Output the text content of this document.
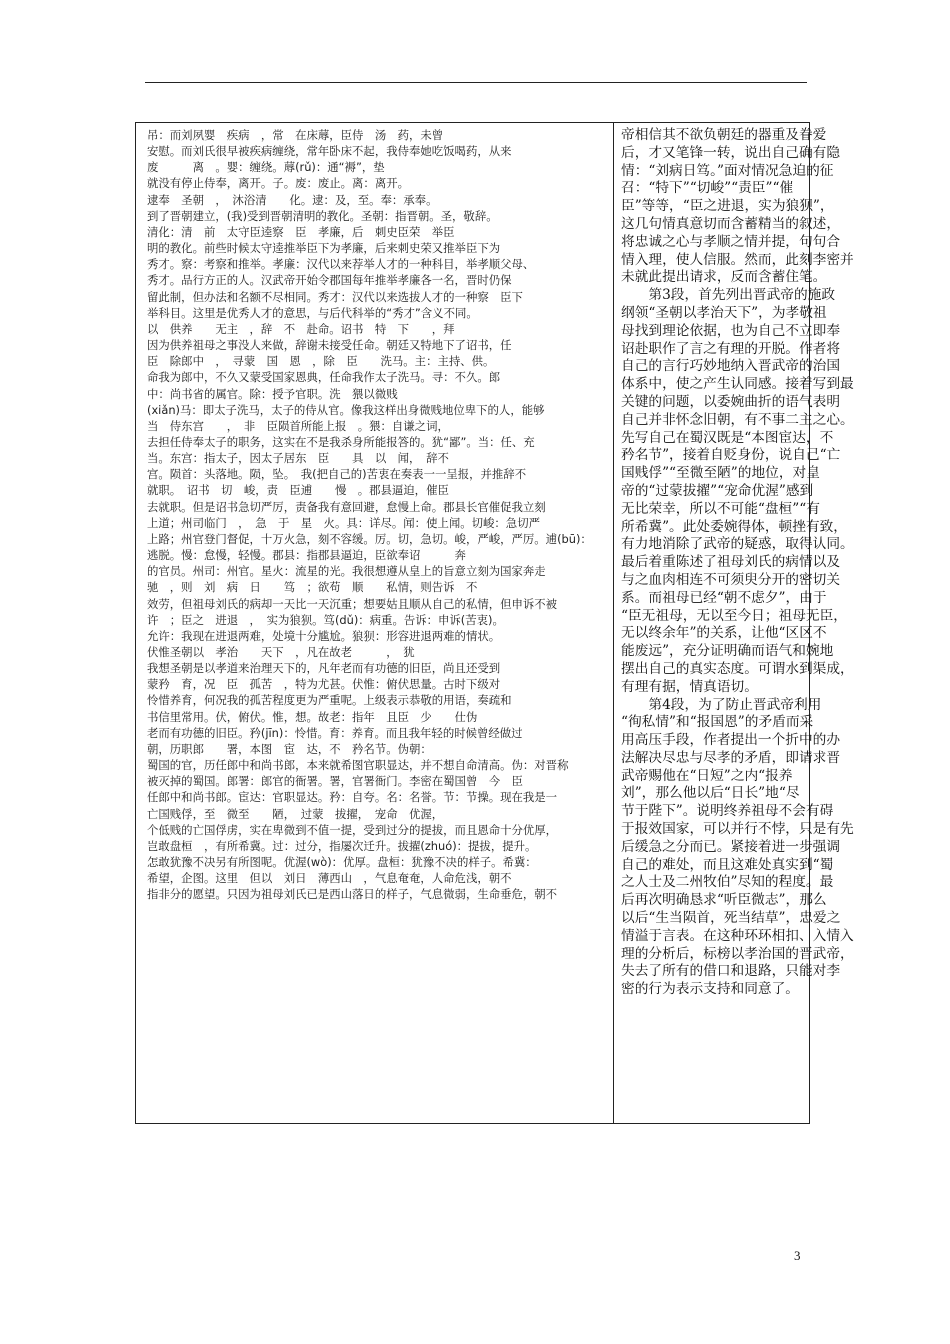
吊：而刘夙婴　疾病　，常　在床蓐，臣侍　汤　药，未曾
安慰。而刘氏很早被疾病缠绕，常年卧床不起，我侍奉她吃饭喝药，从来
废　　　离　。婴：缠绕。蓐(rǔ)：通“褥”，垫
就没有停止侍奉，离开。子。废：废止。离：离开。
逮奉　圣朝　，　沐浴清　　化。逮：及，至。奉：承奉。
到了晋朝建立，(我)受到晋朝清明的教化。圣朝：指晋朝。圣，敬辞。
清化：清　前　太守臣逵察　臣　孝廉，后　刺史臣荣　举臣
明的教化。前些时候太守逵推举臣下为孝廉，后来刺史荣又推举臣下为
秀才。察：考察和推举。孝廉：汉代以来荐举人才的一种科目，举孝顺父母、
秀才。品行方正的人。汉武帝开始令郡国每年推举孝廉各一名，晋时仍保
留此制，但办法和名额不尽相同。秀才：汉代以来选拔人才的一种察　臣下
举科目。这里是优秀人才的意思，与后代科举的“秀才”含义不同。
以　供养　　无主　，辞　不　赴命。诏书　特　下　　，拜
因为供养祖母之事没人来做，辞谢未接受任命。朝廷又特地下了诏书，任
臣　除郎中　，　寻蒙　国　恩　，除　臣　　洗马。主：主持、供。
命我为郎中，不久又蒙受国家恩典，任命我作太子洗马。寻：不久。郎
中：尚书省的属官。除：授予官职。洗　猥以微贱
(xiǎn)马：即太子洗马，太子的侍从官。像我这样出身微贱地位卑下的人，能够
当　侍东宫　　，　非　臣陨首所能上报　。猥：自谦之词，
去担任侍奉太子的职务，这实在不是我杀身所能报答的。犹“鄙”。当：任、充
当。东宫：指太子，因太子居东　臣　　具　以　闻，　辞不
宫。陨首：头落地。陨，坠。　我(把自己的)苦衷在奏表一一呈报，并推辞不
就职。　诏书　切　峻，责　臣逋　　慢　。郡县逼迫，催臣
去就职。但是诏书急切严厉，责备我有意回避，怠慢上命。郡县长官催促我立刻
上道；州司临门　，　急　于　星　火。具：详尽。闻：使上闻。切峻：急切严
上路；州官登门督促，十万火急，刻不容缓。厉。切，急切。峻，严峻，严厉。逋(bū)：
逃脱。慢：怠慢，轻慢。郡县：指郡县逼迫，臣欲奉诏　　　奔
的官员。州司：州官。星火：流星的光。我很想遵从皇上的旨意立刻为国家奔走
驰　，则　刘　病　日　　笃　；欲苟　顺　　私情，则告诉　不
效劳，但祖母刘氏的病却一天比一天沉重；想要姑且顺从自己的私情，但申诉不被
许　；臣之　进退　，　实为狼狈。笃(dǔ)：病重。告诉：申诉(苦衷)。
允许：我现在进退两难，处境十分尴尬。狼狈：形容进退两难的情状。
伏惟圣朝以　孝治　　天下　，凡在故老　　　，　犹
我想圣朝是以孝道来治理天下的，凡年老而有功德的旧臣，尚且还受到
蒙矜　育，况　臣　孤苦　，特为尤甚。伏惟：俯伏思量。古时下级对
怜惜养育，何况我的孤苦程度更为严重呢。上级表示恭敬的用语，奏疏和
书信里常用。伏，俯伏。惟，想。故老：指年　且臣　少　　仕伪
老而有功德的旧臣。矜(jīn)：怜惜。育：养育。而且我年轻的时候曾经做过
朝，历职郎　　署，本图　宦　达，不　矜名节。伪朝：
蜀国的官，历任郎中和尚书郎，本来就希图官职显达，并不想自命清高。伪：对晋称
被灭掉的蜀国。郎署：郎官的衙署。署，官署衙门。李密在蜀国曾　今　臣
任郎中和尚书郎。宦达：官职显达。矜：自夸。名：名誉。节：节操。现在我是一
亡国贱俘，至　微至　　陋，　过蒙　拔擢，　宠命　优渥，
个低贱的亡国俘虏，实在卑微到不值一提，受到过分的提拔，而且恩命十分优厚，
岂敢盘桓　，有所希冀。过：过分，指屡次迁升。拔擢(zhuó)：提拔，提升。
怎敢犹豫不决另有所图呢。优渥(wò)：优厚。盘桓：犹豫不决的样子。希冀：
希望，企图。这里　但以　刘日　薄西山　，气息奄奄，人命危浅，朝不
指非分的愿望。只因为祖母刘氏已是西山落日的样子，气息微弱，生命垂危，朝不
帝相信其不欲负朝廷的器重及眷爱
后，才又笔锋一转，说出自己确有隐
情：“刘病日笃。”面对情况急迫的征
召：“特下”“切峻”“责臣”“催
臣”等等，“臣之进退，实为狼狈”，
这几句情真意切而含蓄精当的叙述，
将忠诚之心与孝顺之情并提，句句合
情入理，使人信服。然而，此刻李密并
未就此提出请求，反而含蓄住笔。
　　第3段，首先列出晋武帝的施政
纲领“圣朝以孝治天下”，为孝敬祖
母找到理论依据，也为自己不立即奉
诏赴职作了言之有理的开脱。作者将
自己的言行巧妙地纳入晋武帝的治国
体系中，使之产生认同感。接着写到最
关键的问题，以委婉曲折的语气表明
自己并非怀念旧朝，有不事二主之心。
先写自己在蜀汉既是“本图宦达，不
矜名节”，接着自贬身份，说自己“亡
国贱俘”“至微至陋”的地位，对皇
帝的“过蒙拔擢”“宠命优渥”感到
无比荣幸，所以不可能“盘桓”“有
所希冀”。此处委婉得体，顿挫有致，
有力地消除了武帝的疑惑，取得认同。
最后着重陈述了祖母刘氏的病情以及
与之血肉相连不可须臾分开的密切关
系。而祖母已经“朝不虑夕”，由于
“臣无祖母，无以至今日；祖母无臣，
无以终余年”的关系，让他“区区不
能废远”，充分证明确而语气和婉地
摆出自己的真实态度。可谓水到渠成，
有理有据，情真语切。
　　第4段，为了防止晋武帝利用
“徇私情”和“报国恩”的矛盾而采
用高压手段，作者提出一个折中的办
法解决尽忠与尽孝的矛盾，即请求晋
武帝赐他在“日短”之内“报养
刘”，那么他以后“日长”地“尽
节于陛下”。说明终养祖母不会有碍
于报效国家，可以并行不悖，只是有先
后缓急之分而已。紧接着进一步强调
自己的难处，而且这难处真实到“蜀
之人士及二州牧伯”尽知的程度。最
后再次明确恳求“听臣微志”，那么
以后“生当陨首，死当结草”，忠爱之
情溢于言表。在这种环环相扣、入情入
理的分析后，标榜以孝治国的晋武帝，
失去了所有的借口和退路，只能对李
密的行为表示支持和同意了。
3
